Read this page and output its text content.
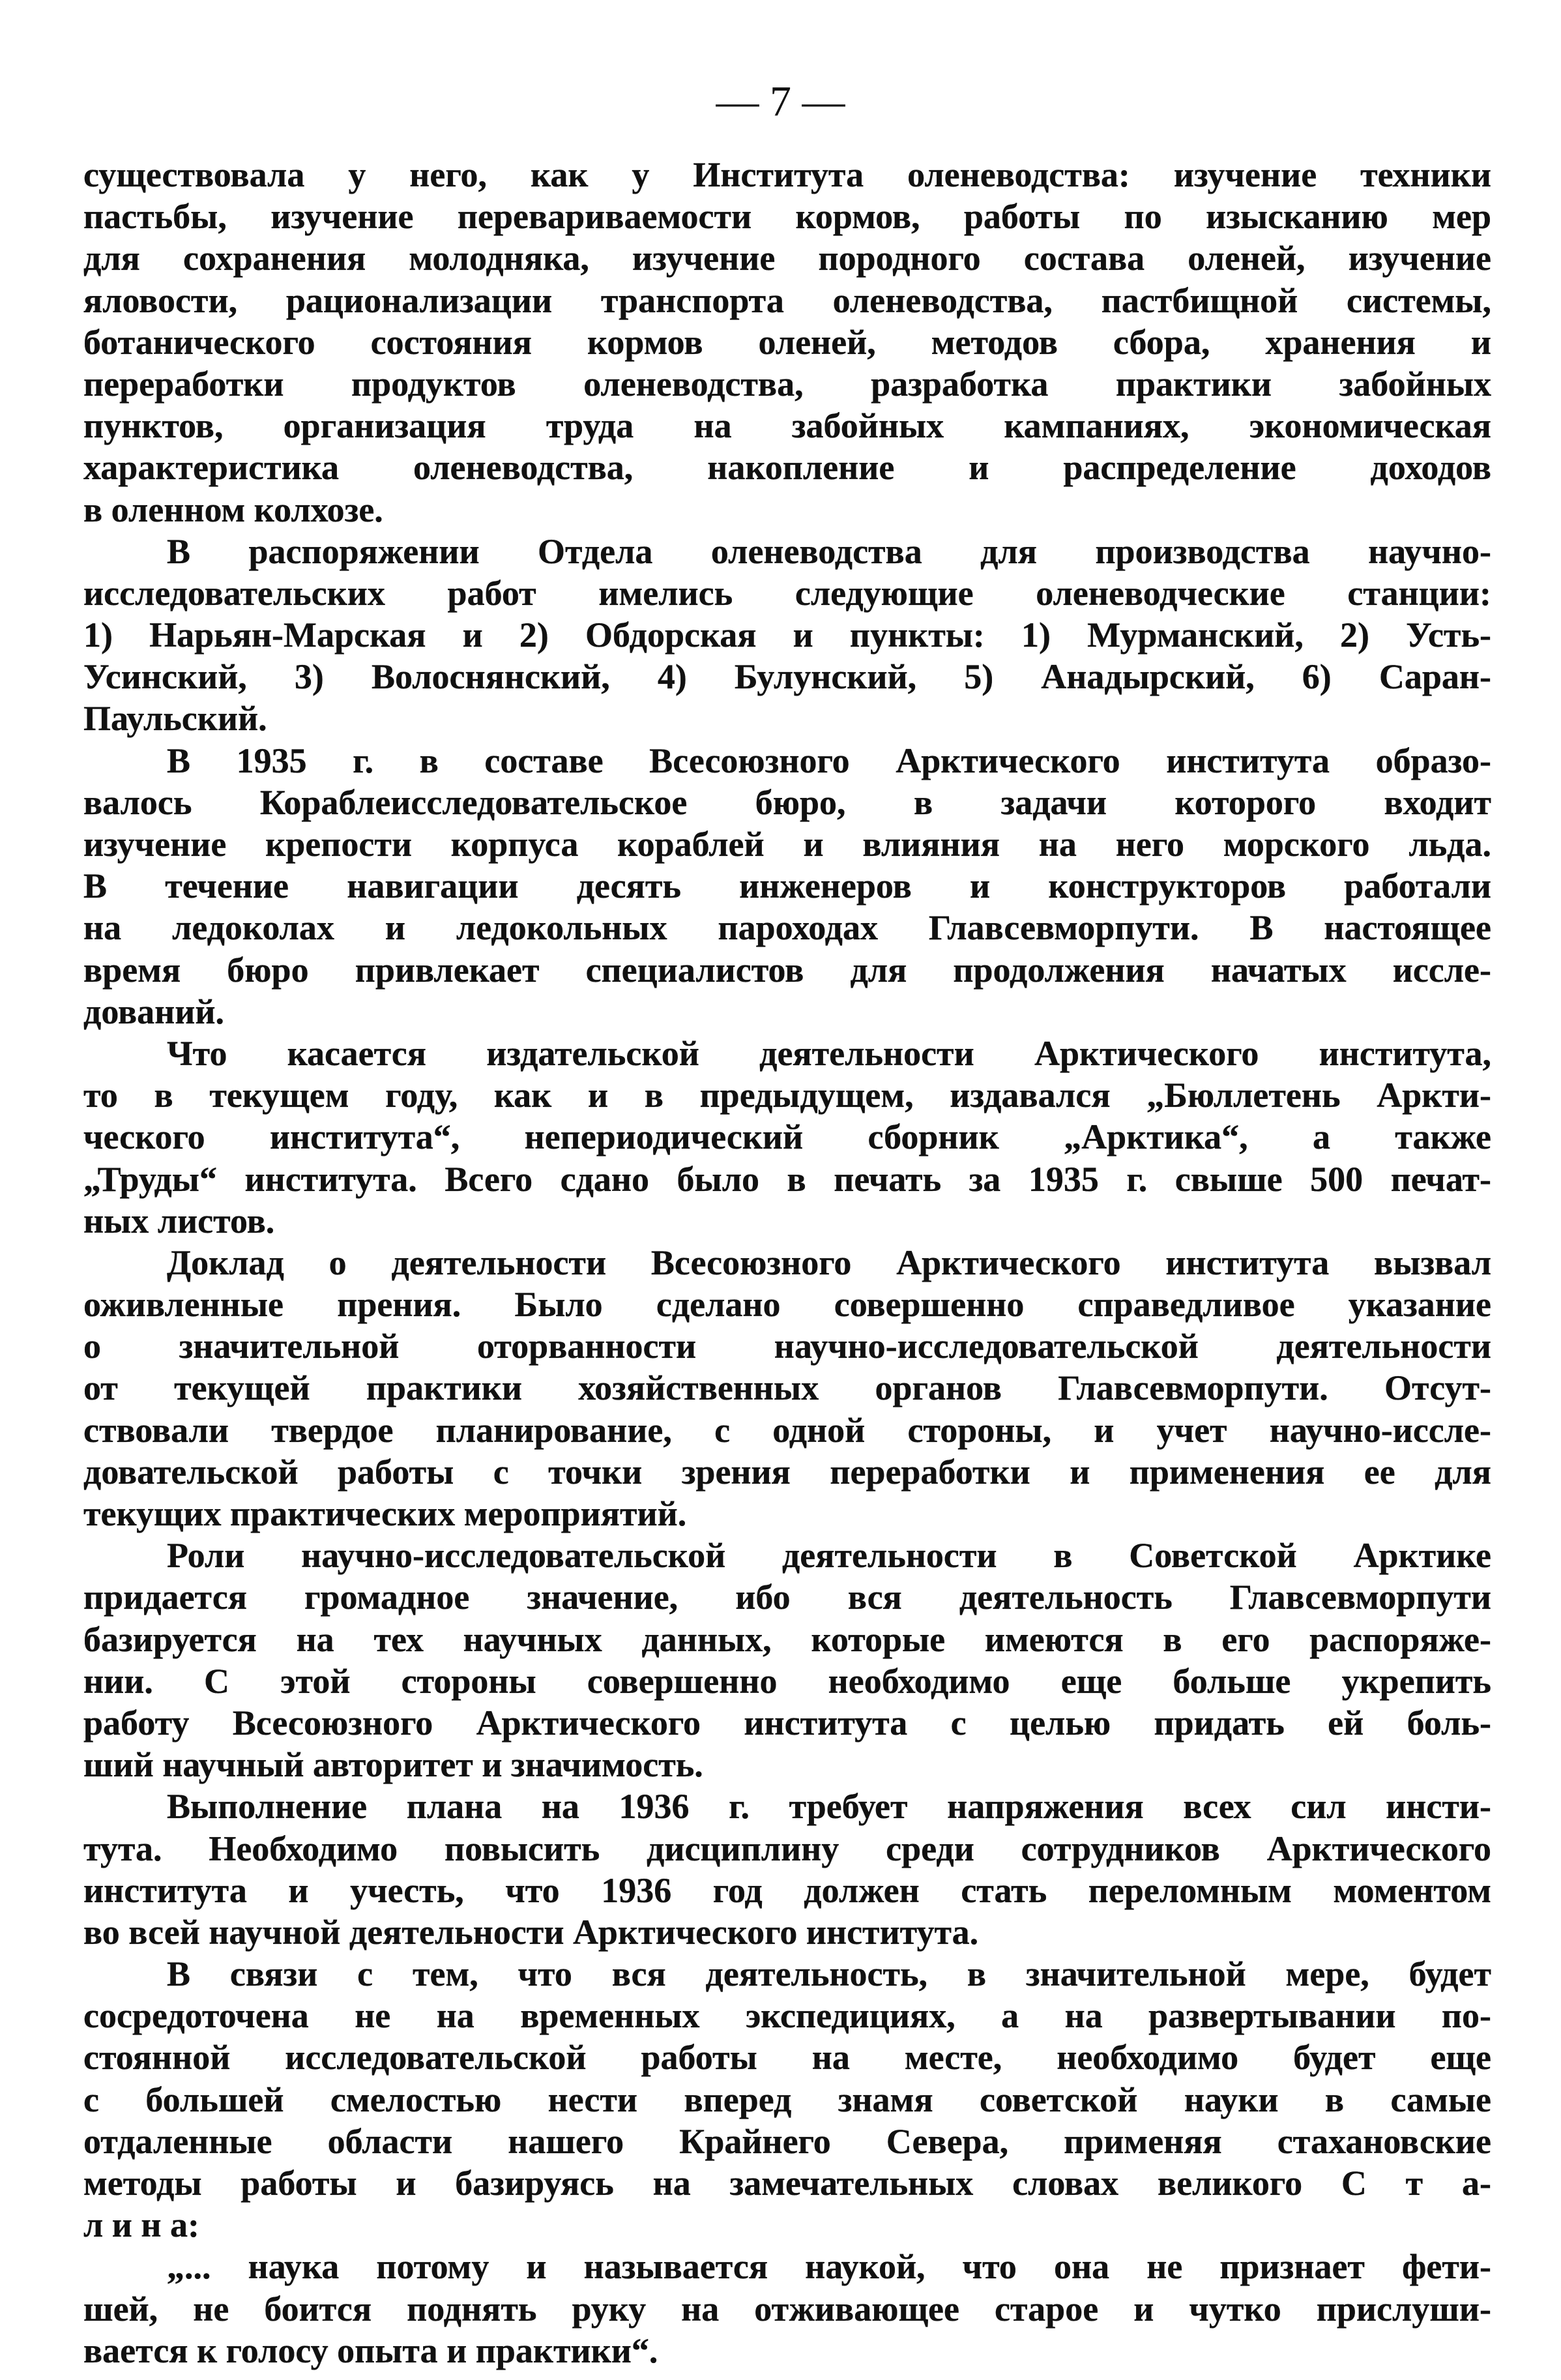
— 7 —
существовала у него, как у Института оленеводства: изучение техники
пастьбы, изучение перевариваемости кормов, работы по изысканию мер
для сохранения молодняка, изучение породного состава оленей, изучение
яловости, рационализации транспорта оленеводства, пастбищной системы,
ботанического состояния кормов оленей, методов сбора, хранения и
переработки продуктов оленеводства, разработка практики забойных
пунктов, организация труда на забойных кампаниях, экономическая
характеристика оленеводства, накопление и распределение доходов
в оленном колхозе.
В распоряжении Отдела оленеводства для производства научно-
исследовательских работ имелись следующие оленеводческие станции:
1) Нарьян-Марская и 2) Обдорская и пункты: 1) Мурманский, 2) Усть-
Усинский, 3) Волоснянский, 4) Булунский, 5) Анадырский, 6) Саран-
Паульский.
В 1935 г. в составе Всесоюзного Арктического института образо-
валось Кораблеисследовательское бюро, в задачи которого входит
изучение крепости корпуса кораблей и влияния на него морского льда.
В течение навигации десять инженеров и конструкторов работали
на ледоколах и ледокольных пароходах Главсевморпути. В настоящее
время бюро привлекает специалистов для продолжения начатых иссле-
дований.
Что касается издательской деятельности Арктического института,
то в текущем году, как и в предыдущем, издавался „Бюллетень Аркти-
ческого института“, непериодический сборник „Арктика“, а также
„Труды“ института. Всего сдано было в печать за 1935 г. свыше 500 печат-
ных листов.
Доклад о деятельности Всесоюзного Арктического института вызвал
оживленные прения. Было сделано совершенно справедливое указание
о значительной оторванности научно-исследовательской деятельности
от текущей практики хозяйственных органов Главсевморпути. Отсут-
ствовали твердое планирование, с одной стороны, и учет научно-иссле-
довательской работы с точки зрения переработки и применения ее для
текущих практических мероприятий.
Роли научно-исследовательской деятельности в Советской Арктике
придается громадное значение, ибо вся деятельность Главсевморпути
базируется на тех научных данных, которые имеются в его распоряже-
нии. С этой стороны совершенно необходимо еще больше укрепить
работу Всесоюзного Арктического института с целью придать ей боль-
ший научный авторитет и значимость.
Выполнение плана на 1936 г. требует напряжения всех сил инсти-
тута. Необходимо повысить дисциплину среди сотрудников Арктического
института и учесть, что 1936 год должен стать переломным моментом
во всей научной деятельности Арктического института.
В связи с тем, что вся деятельность, в значительной мере, будет
сосредоточена не на временных экспедициях, а на развертывании по-
стоянной исследовательской работы на месте, необходимо будет еще
с большей смелостью нести вперед знамя советской науки в самые
отдаленные области нашего Крайнего Севера, применяя стахановские
методы работы и базируясь на замечательных словах великого С т а-
л и н а:
„... наука потому и называется наукой, что она не признает фети-
шей, не боится поднять руку на отживающее старое и чутко прислуши-
вается к голосу опыта и практики“.
